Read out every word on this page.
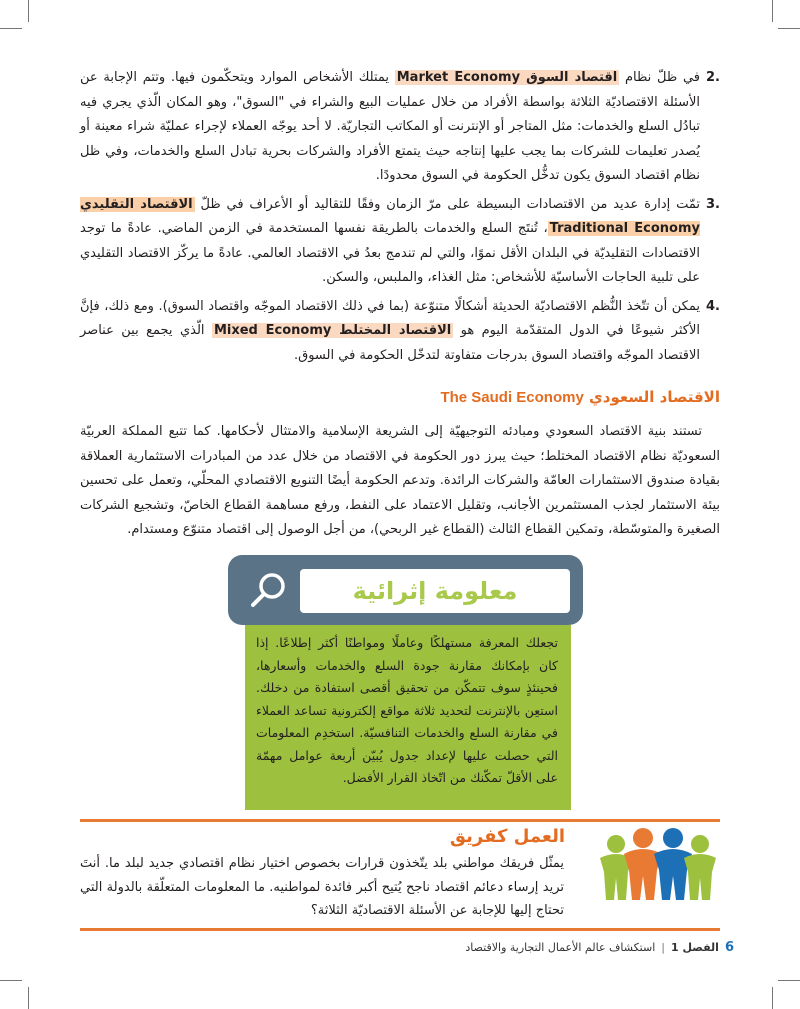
.2
في ظلّ نظام اقتصاد السوق Market Economy يمتلك الأشخاص الموارد ويتحكّمون فيها. وتتم الإجابة عن الأسئلة الاقتصاديّة الثلاثة بواسطة الأفراد من خلال عمليات البيع والشراء في "السوق"، وهو المكان الّذي يجري فيه تبادُل السلع والخدمات: مثل المتاجر أو الإنترنت أو المكاتب التجاريّة. لا أحد يوجّه العملاء لإجراء عمليّة شراء معينة أو يُصدر تعليمات للشركات بما يجب عليها إنتاجه حيث يتمتع الأفراد والشركات بحرية تبادل السلع والخدمات، وفي ظل نظام اقتصاد السوق يكون تدخُّل الحكومة في السوق محدودًا.
.3
تمّت إدارة عديد من الاقتصادات البسيطة على مرّ الزمان وفقًا للتقاليد أو الأعراف في ظلّ الاقتصاد التقليدي Traditional Economy، تُنتَج السلع والخدمات بالطريقة نفسها المستخدمة في الزمن الماضي. عادةً ما توجد الاقتصادات التقليديّة في البلدان الأقل نموًا، والتي لم تندمج بعدُ في الاقتصاد العالمي. عادةً ما يركّز الاقتصاد التقليدي على تلبية الحاجات الأساسيّة للأشخاص: مثل الغذاء، والملبس، والسكن.
.4
يمكن أن تتّخذ النُّظم الاقتصاديّة الحديثة أشكالًا متنوّعة (بما في ذلك الاقتصاد الموجّه واقتصاد السوق). ومع ذلك، فإنَّ الأكثر شيوعًا في الدول المتقدّمة اليوم هو الاقتصاد المختلط Mixed Economy الّذي يجمع بين عناصر الاقتصاد الموجّه واقتصاد السوق بدرجات متفاوتة لتدخّل الحكومة في السوق.
الاقتصاد السعودي The Saudi Economy
تستند بنية الاقتصاد السعودي ومبادئه التوجيهيّة إلى الشريعة الإسلامية والامتثال لأحكامها. كما تتبع المملكة العربيّة السعوديّة نظام الاقتصاد المختلط؛ حيث يبرز دور الحكومة في الاقتصاد من خلال عدد من المبادرات الاستثمارية العملاقة بقيادة صندوق الاستثمارات العامّة والشركات الرائدة. وتدعم الحكومة أيضًا التنويع الاقتصادي المحلّي، وتعمل على تحسين بيئة الاستثمار لجذب المستثمرين الأجانب، وتقليل الاعتماد على النفط، ورفع مساهمة القطاع الخاصّ، وتشجيع الشركات الصغيرة والمتوسّطة، وتمكين القطاع الثالث (القطاع غير الربحي)، من أجل الوصول إلى اقتصاد متنوّع ومستدام.
معلومة إثرائية
تجعلك المعرفة مستهلكًا وعاملًا ومواطنًا أكثر إطلاعًا. إذا كان بإمكانك مقارنة جودة السلع والخدمات وأسعارها، فحينئذٍ سوف تتمكّن من تحقيق أقصى استفادة من دخلك. استعِن بالإنترنت لتحديد ثلاثة مواقع إلكترونية تساعد العملاء في مقارنة السلع والخدمات التنافسيّة. استخدِم المعلومات التي حصلت عليها لإعداد جدول يُبيّن أربعة عوامل مهمّة على الأقلّ تمكّنك من اتّخاذ القرار الأفضل.
العمل كفريق
يمثّل فريقك مواطني بلد يتّخذون قرارات بخصوص اختيار نظام اقتصادي جديد لبلد ما. أنتَ تريد إرساء دعائم اقتصاد ناجح يُتيح أكبر فائدة لمواطنيه. ما المعلومات المتعلّقة بالدولة التي تحتاج إليها للإجابة عن الأسئلة الاقتصاديّة الثلاثة؟
6
الفصل 1
|
استكشاف عالم الأعمال التجارية والاقتصاد
